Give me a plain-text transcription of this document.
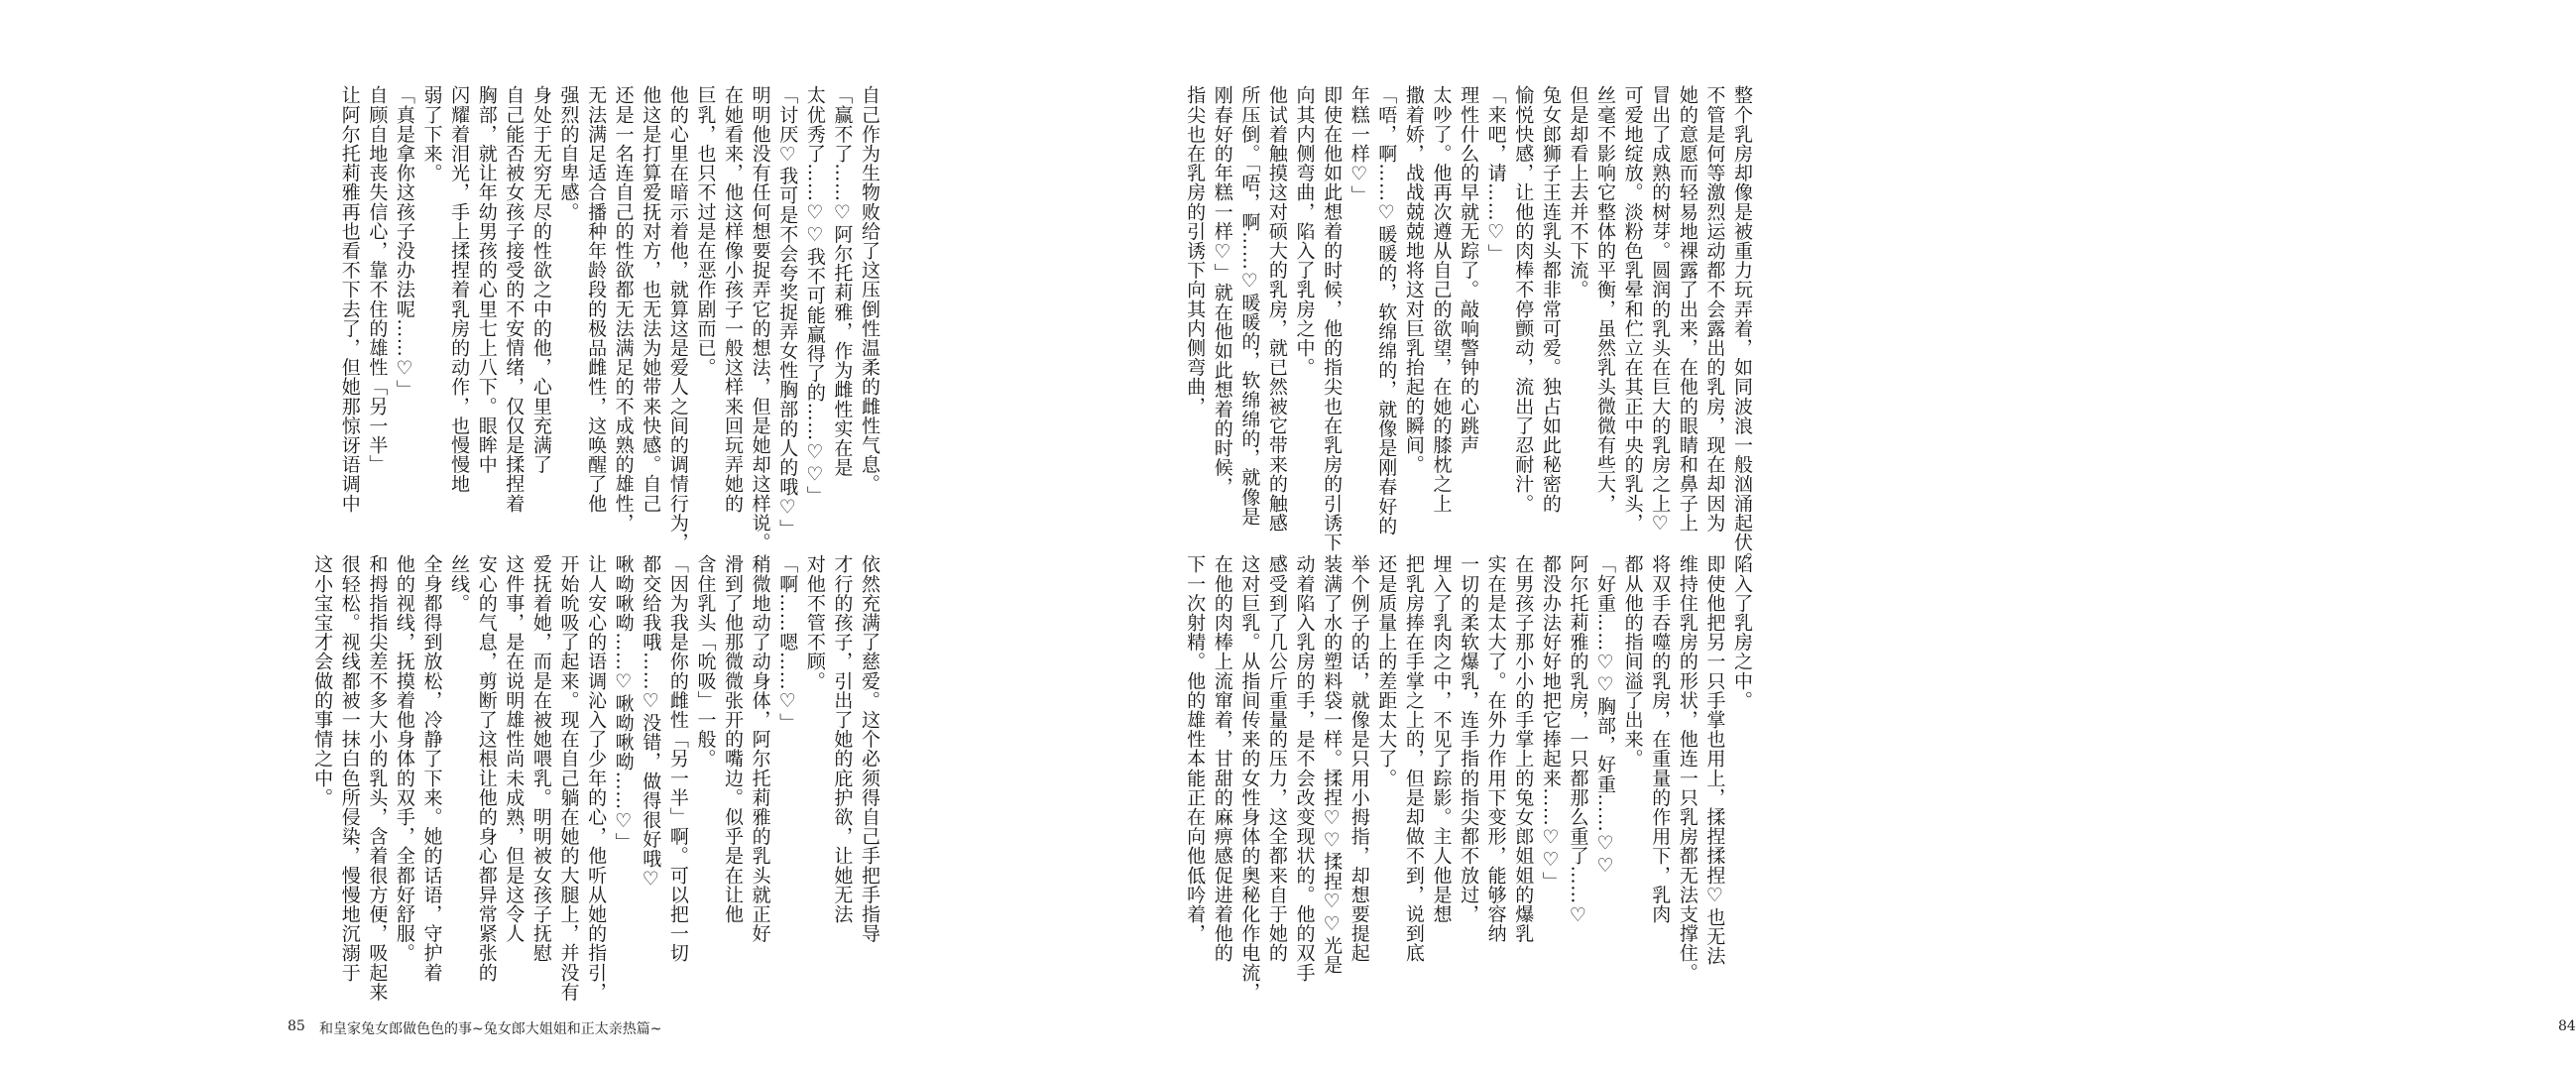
自己作为生物败给了这压倒性温柔的雌性气息。

「赢不了……♡阿尔托莉雅，作为雌性实在是

太优秀了……♡♡我不可能赢得了的……♡♡」

「讨厌♡我可是不会夸奖捉弄女性胸部的人的哦♡」

明明他没有任何想要捉弄它的想法，但是她却这样说。

在她看来，他这样像小孩子一般这样来回玩弄她的

巨乳，也只不过是在恶作剧而已。

他的心里在暗示着他，就算这是爱人之间的调情行为，

他这是打算爱抚对方，也无法为她带来快感。自己

还是一名连自己的性欲都无法满足的不成熟的雄性，

无法满足适合播种年龄段的极品雌性，这唤醒了他

强烈的自卑感。

身处于无穷无尽的性欲之中的他，心里充满了

自己能否被女孩子接受的不安情绪，仅仅是揉捏着

胸部，就让年幼男孩的心里七上八下。眼眸中

闪耀着泪光，手上揉捏着乳房的动作，也慢慢地

弱了下来。

「真是拿你这孩子没办法呢……♡」

自顾自地丧失信心，靠不住的雄性「另一半」

让阿尔托莉雅再也看不下去了，但她那惊讶语调中

依然充满了慈爱。这个必须得自己手把手指导

才行的孩子，引出了她的庇护欲，让她无法

对他不管不顾。

「啊……嗯……♡」

稍微地动了动身体，阿尔托莉雅的乳头就正好

滑到了他那微微张开的嘴边。似乎是在让他

含住乳头「吮吸」一般。

「因为我是你的雌性「另一半」啊。可以把一切

都交给我哦……♡没错，做得很好哦♡

啾呦啾呦……♡啾呦啾呦……♡」

让人安心的语调沁入了少年的心，他听从她的指引，

开始吮吸了起来。现在自己躺在她的大腿上，并没有

爱抚着她，而是在被她喂乳。明明被女孩子抚慰

这件事，是在说明雄性尚未成熟，但是这令人

安心的气息，剪断了这根让他的身心都异常紧张的

丝线。

全身都得到放松，冷静了下来。她的话语，守护着

他的视线，抚摸着他身体的双手，全都好舒服。

和拇指指尖差不多大小的乳头，含着很方便，吸起来

很轻松。视线都被一抹白色所侵染，慢慢地沉溺于

这小宝宝才会做的事情之中。

85 和皇家兔女郎做色色的事~兔女郎大姐姐和正太亲热篇~

整个乳房却像是被重力玩弄着，如同波浪一般汹涌起伏。

不管是何等激烈运动都不会露出的乳房，现在却因为

她的意愿而轻易地裸露了出来，在他的眼睛和鼻子上

冒出了成熟的树芽。圆润的乳头在巨大的乳房之上♡

可爱地绽放。淡粉色乳晕和伫立在其正中央的乳头，

丝毫不影响它整体的平衡，虽然乳头微微有些大，

但是却看上去并不下流。

兔女郎狮子王连乳头都非常可爱。独占如此秘密的

愉悦快感，让他的肉棒不停颤动，流出了忍耐汁。

「来吧，请……♡」

理性什么的早就无踪了。敲响警钟的心跳声

太吵了。他再次遵从自己的欲望，在她的膝枕之上

撒着娇，战战兢兢地将这对巨乳抬起的瞬间。

「唔，啊……♡暖暖的，软绵绵的，就像是刚春好的

年糕一样♡」

即使在他如此想着的时候，他的指尖也在乳房的引诱下

向其内侧弯曲，陷入了乳房之中。

他试着触摸这对硕大的乳房，就已然被它带来的触感

所压倒。「唔，啊……♡暖暖的，软绵绵的，就像是

刚春好的年糕一样♡」就在他如此想着的时候，

指尖也在乳房的引诱下向其内侧弯曲，

陷入了乳房之中。

即使他把另一只手掌也用上，揉捏揉捏♡也无法

维持住乳房的形状，他连一只乳房都无法支撑住。

将双手吞噬的乳房，在重量的作用下，乳肉

都从他的指间溢了出来。

「好重……♡♡胸部，好重……♡♡

阿尔托莉雅的乳房，一只都那么重了……♡

都没办法好好地把它捧起来……♡♡」

在男孩子那小小的手掌上的兔女郎姐姐的爆乳

实在是太大了。在外力作用下变形，能够容纳

一切的柔软爆乳，连手指的指尖都不放过，

埋入了乳肉之中，不见了踪影。主人他是想

把乳房捧在手掌之上的，但是却做不到，说到底

还是质量上的差距太大了。

举个例子的话，就像是只用小拇指，却想要提起

装满了水的塑料袋一样。揉捏♡♡揉捏♡♡光是

动着陷入乳房的手，是不会改变现状的。他的双手

感受到了几公斤重量的压力，这全都来自于她的

这对巨乳。从指间传来的女性身体的奥秘化作电流，

在他的肉棒上流窜着，甘甜的麻痹感促进着他的

下一次射精。他的雄性本能正在向他低吟着，

84
